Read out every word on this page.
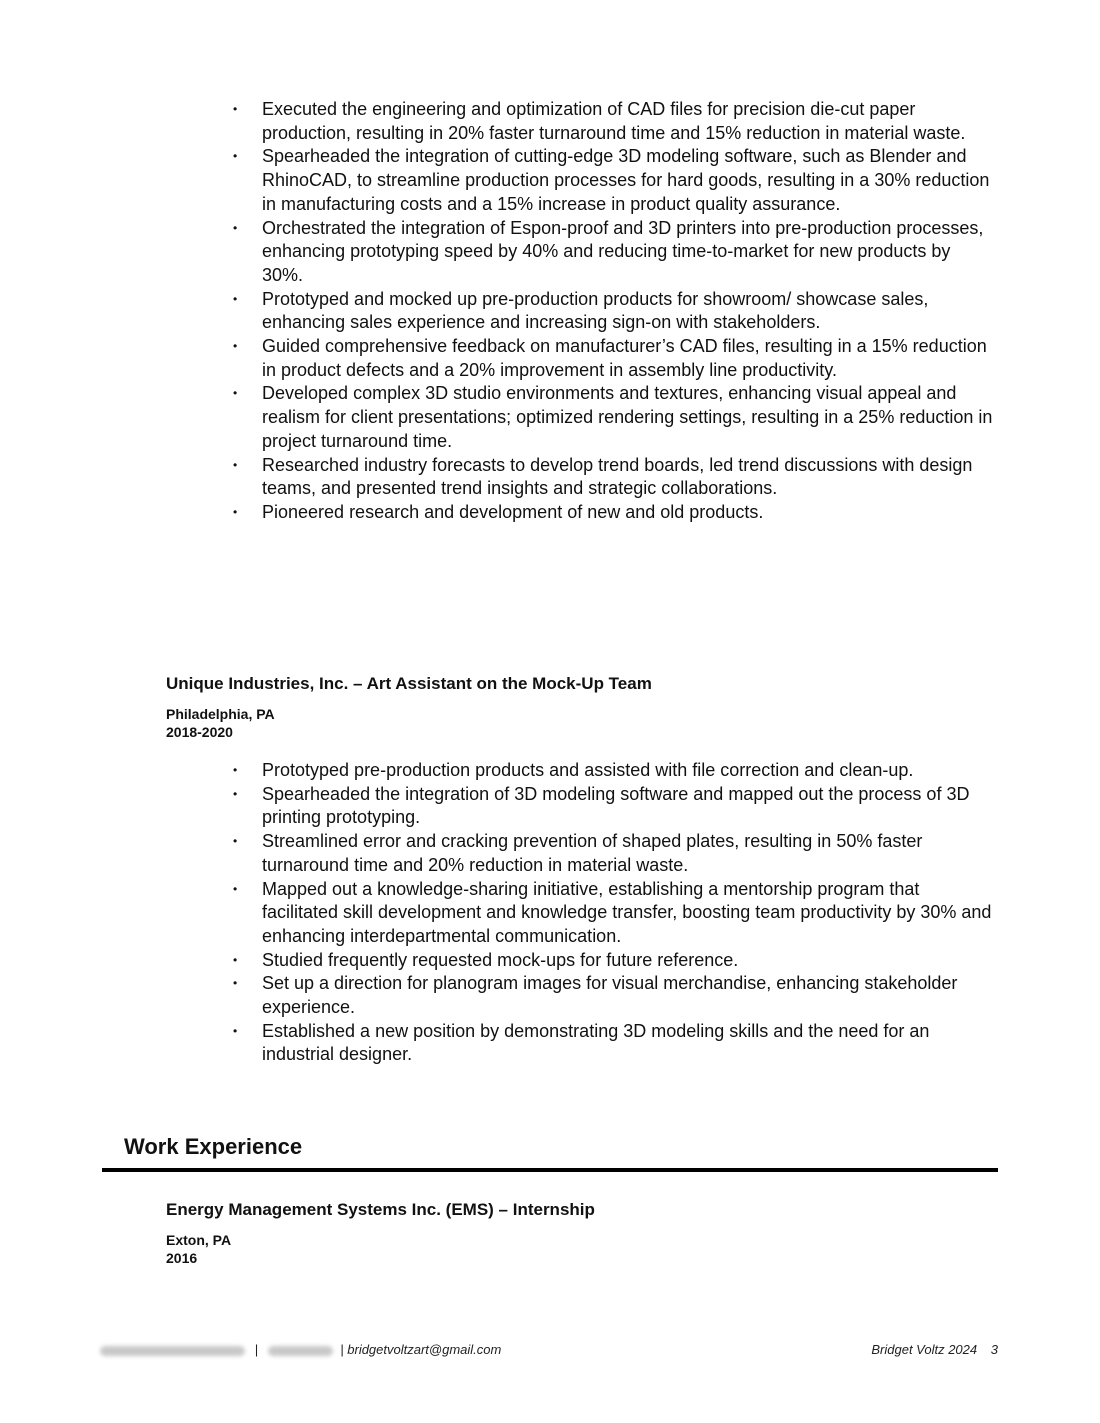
• Executed the engineering and optimization of CAD files for precision die-cut paper production, resulting in 20% faster turnaround time and 15% reduction in material waste.
• Spearheaded the integration of cutting-edge 3D modeling software, such as Blender and RhinoCAD, to streamline production processes for hard goods, resulting in a 30% reduction in manufacturing costs and a 15% increase in product quality assurance.
• Orchestrated the integration of Espon-proof and 3D printers into pre-production processes, enhancing prototyping speed by 40% and reducing time-to-market for new products by 30%.
• Prototyped and mocked up pre-production products for showroom/ showcase sales, enhancing sales experience and increasing sign-on with stakeholders.
• Guided comprehensive feedback on manufacturer’s CAD files, resulting in a 15% reduction in product defects and a 20% improvement in assembly line productivity.
• Developed complex 3D studio environments and textures, enhancing visual appeal and realism for client presentations; optimized rendering settings, resulting in a 25% reduction in project turnaround time.
• Researched industry forecasts to develop trend boards, led trend discussions with design teams, and presented trend insights and strategic collaborations.
• Pioneered research and development of new and old products.
Unique Industries, Inc. – Art Assistant on the Mock-Up Team
Philadelphia, PA
2018-2020
• Prototyped pre-production products and assisted with file correction and clean-up.
• Spearheaded the integration of 3D modeling software and mapped out the process of 3D printing prototyping.
• Streamlined error and cracking prevention of shaped plates, resulting in 50% faster turnaround time and 20% reduction in material waste.
• Mapped out a knowledge-sharing initiative, establishing a mentorship program that facilitated skill development and knowledge transfer, boosting team productivity by 30% and enhancing interdepartmental communication.
• Studied frequently requested mock-ups for future reference.
• Set up a direction for planogram images for visual merchandise, enhancing stakeholder experience.
• Established a new position by demonstrating 3D modeling skills and the need for an industrial designer.
Work Experience
Energy Management Systems Inc. (EMS) – Internship
Exton, PA
2016
|	| bridgetvoltzart@gmail.com	Bridget Voltz 2024 3
